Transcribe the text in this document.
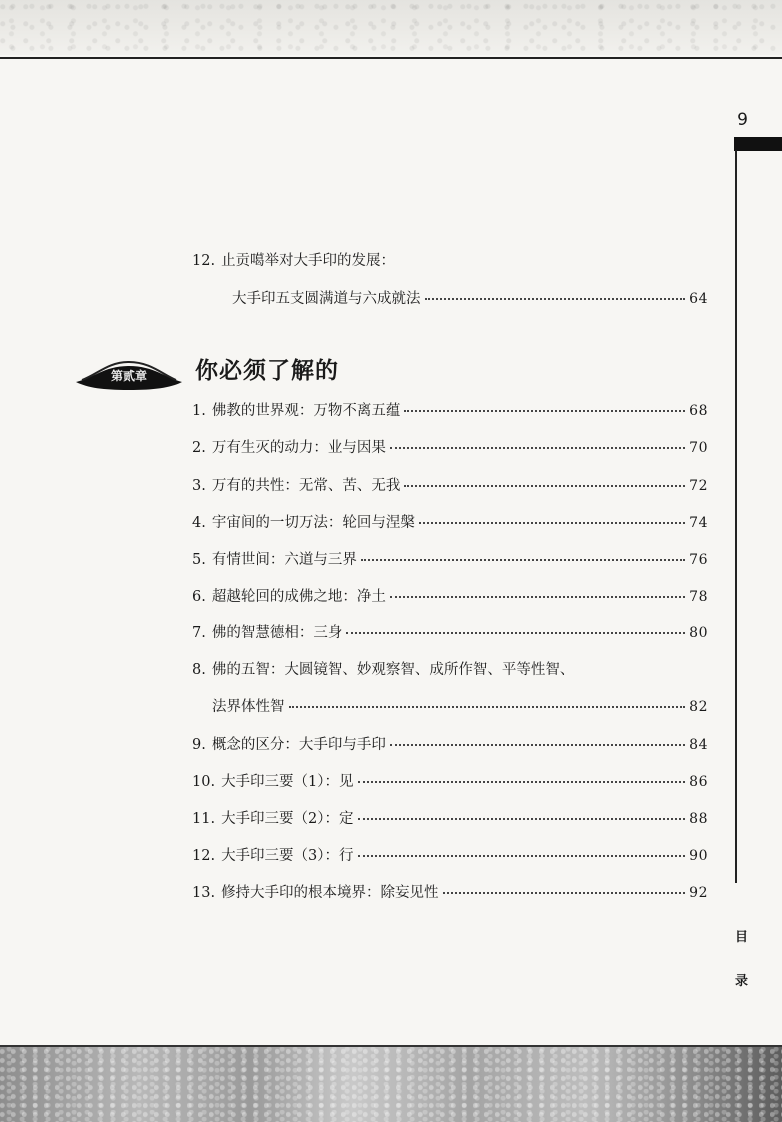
9
目
录
12. 止贡噶举对大手印的发展：
大手印五支圆满道与六成就法	64
第贰章 你必须了解的
1. 佛教的世界观：万物不离五蕴	68
2. 万有生灭的动力：业与因果	70
3. 万有的共性：无常、苦、无我	72
4. 宇宙间的一切万法：轮回与涅槃	74
5. 有情世间：六道与三界	76
6. 超越轮回的成佛之地：净土	78
7. 佛的智慧德相：三身	80
8. 佛的五智：大圆镜智、妙观察智、成所作智、平等性智、
法界体性智	82
9. 概念的区分：大手印与手印	84
10. 大手印三要（1）：见	86
11. 大手印三要（2）：定	88
12. 大手印三要（3）：行	90
13. 修持大手印的根本境界：除妄见性	92
